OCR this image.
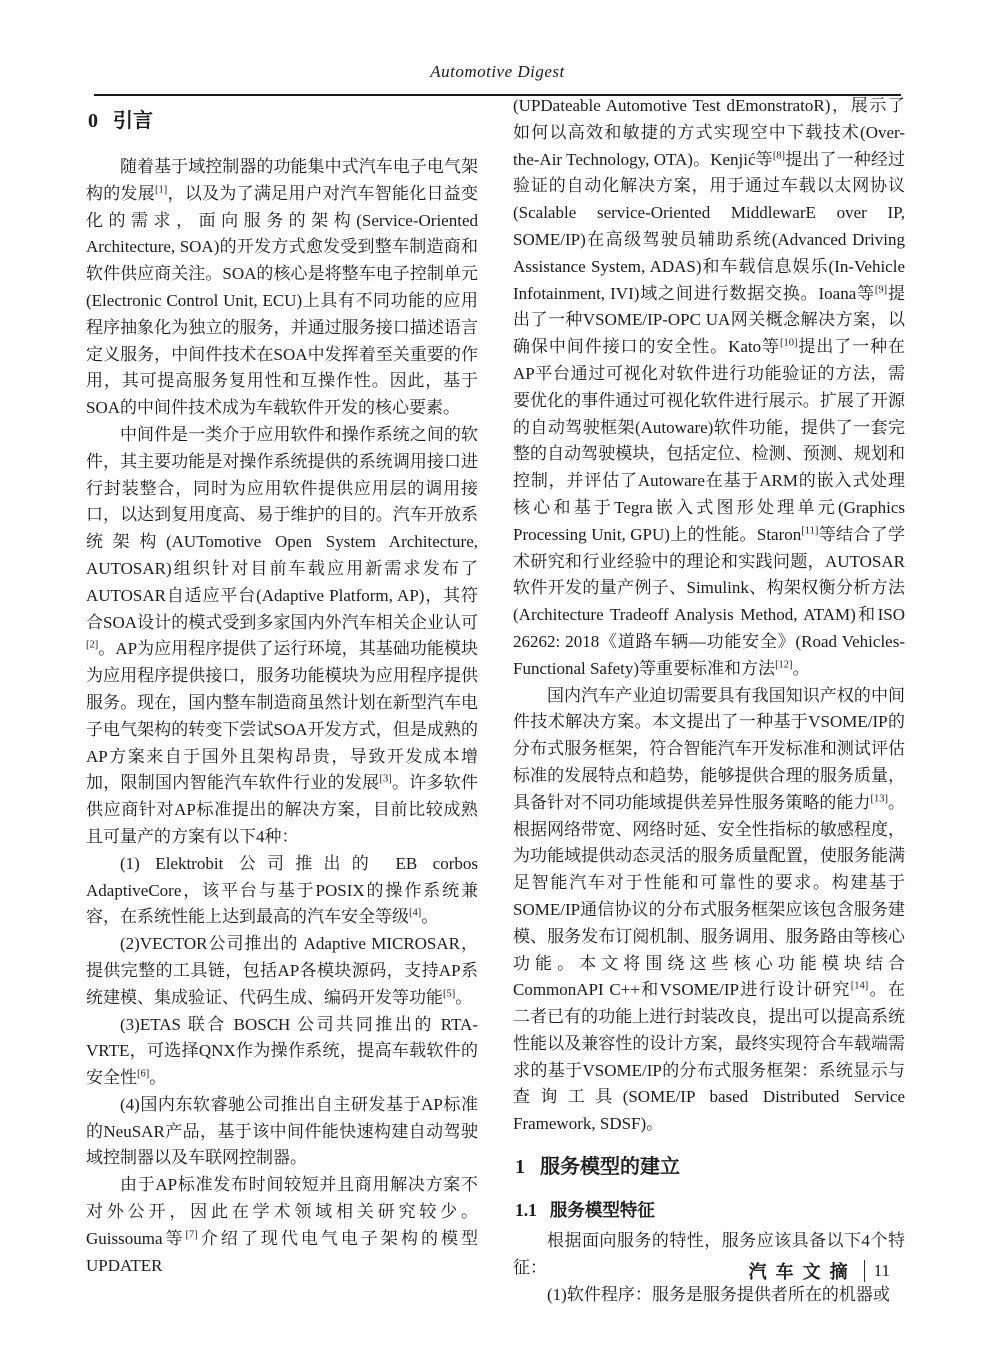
Automotive Digest
0 引言

随着基于域控制器的功能集中式汽车电子电气架构的发展[1]，以及为了满足用户对汽车智能化日益变化的需求，面向服务的架构(Service-Oriented Architecture, SOA)的开发方式愈发受到整车制造商和软件供应商关注。SOA的核心是将整车电子控制单元(Electronic Control Unit, ECU)上具有不同功能的应用程序抽象化为独立的服务，并通过服务接口描述语言定义服务，中间件技术在SOA中发挥着至关重要的作用，其可提高服务复用性和互操作性。因此，基于SOA的中间件技术成为车载软件开发的核心要素。

中间件是一类介于应用软件和操作系统之间的软件，其主要功能是对操作系统提供的系统调用接口进行封装整合，同时为应用软件提供应用层的调用接口，以达到复用度高、易于维护的目的。汽车开放系统架构(AUTomotive Open System Architecture, AUTOSAR)组织针对目前车载应用新需求发布了AUTOSAR自适应平台(Adaptive Platform, AP)，其符合SOA设计的模式受到多家国内外汽车相关企业认可[2]。AP为应用程序提供了运行环境，其基础功能模块为应用程序提供接口，服务功能模块为应用程序提供服务。现在，国内整车制造商虽然计划在新型汽车电子电气架构的转变下尝试SOA开发方式，但是成熟的AP方案来自于国外且架构昂贵，导致开发成本增加，限制国内智能汽车软件行业的发展[3]。许多软件供应商针对AP标准提出的解决方案，目前比较成熟且可量产的方案有以下4种：

(1) Elektrobit 公司推出的 EB corbos AdaptiveCore，该平台与基于POSIX的操作系统兼容，在系统性能上达到最高的汽车安全等级[4]。

(2)VECTOR公司推出的 Adaptive MICROSAR，提供完整的工具链，包括AP各模块源码，支持AP系统建模、集成验证、代码生成、编码开发等功能[5]。

(3)ETAS 联合 BOSCH 公司共同推出的 RTA-VRTE，可选择QNX作为操作系统，提高车载软件的安全性[6]。

(4)国内东软睿驰公司推出自主研发基于AP标准的NeuSAR产品，基于该中间件能快速构建自动驾驶域控制器以及车联网控制器。

由于AP标准发布时间较短并且商用解决方案不对外公开，因此在学术领域相关研究较少。Guissouma等[7]介绍了现代电气电子架构的模型UPDATER

(UPDateable Automotive Test dEmonstratoR)，展示了如何以高效和敏捷的方式实现空中下载技术(Over-the-Air Technology, OTA)。Kenjić等[8]提出了一种经过验证的自动化解决方案，用于通过车载以太网协议(Scalable service-Oriented MiddlewarE over IP, SOME/IP)在高级驾驶员辅助系统(Advanced Driving Assistance System, ADAS)和车载信息娱乐(In-Vehicle Infotainment, IVI)域之间进行数据交换。Ioana等[9]提出了一种VSOME/IP-OPC UA网关概念解决方案，以确保中间件接口的安全性。Kato等[10]提出了一种在AP平台通过可视化对软件进行功能验证的方法，需要优化的事件通过可视化软件进行展示。扩展了开源的自动驾驶框架(Autoware)软件功能，提供了一套完整的自动驾驶模块，包括定位、检测、预测、规划和控制，并评估了Autoware在基于ARM的嵌入式处理核心和基于Tegra嵌入式图形处理单元(Graphics Processing Unit, GPU)上的性能。Staron[11]等结合了学术研究和行业经验中的理论和实践问题，AUTOSAR软件开发的量产例子、Simulink、构架权衡分析方法(Architecture Tradeoff Analysis Method, ATAM)和ISO 26262: 2018《道路车辆—功能安全》(Road Vehicles-Functional Safety)等重要标准和方法[12]。

国内汽车产业迫切需要具有我国知识产权的中间件技术解决方案。本文提出了一种基于VSOME/IP的分布式服务框架，符合智能汽车开发标准和测试评估标准的发展特点和趋势，能够提供合理的服务质量，具备针对不同功能域提供差异性服务策略的能力[13]。根据网络带宽、网络时延、安全性指标的敏感程度，为功能域提供动态灵活的服务质量配置，使服务能满足智能汽车对于性能和可靠性的要求。构建基于SOME/IP通信协议的分布式服务框架应该包含服务建模、服务发布订阅机制、服务调用、服务路由等核心功能。本文将围绕这些核心功能模块结合CommonAPI C++和VSOME/IP进行设计研究[14]。在二者已有的功能上进行封装改良，提出可以提高系统性能以及兼容性的设计方案，最终实现符合车载端需求的基于VSOME/IP的分布式服务框架：系统显示与查询工具(SOME/IP based Distributed Service Framework, SDSF)。

1 服务模型的建立
1.1 服务模型特征

根据面向服务的特性，服务应该具备以下4个特征：

(1)软件程序：服务是服务提供者所在的机器或

汽 车 文 摘 11
